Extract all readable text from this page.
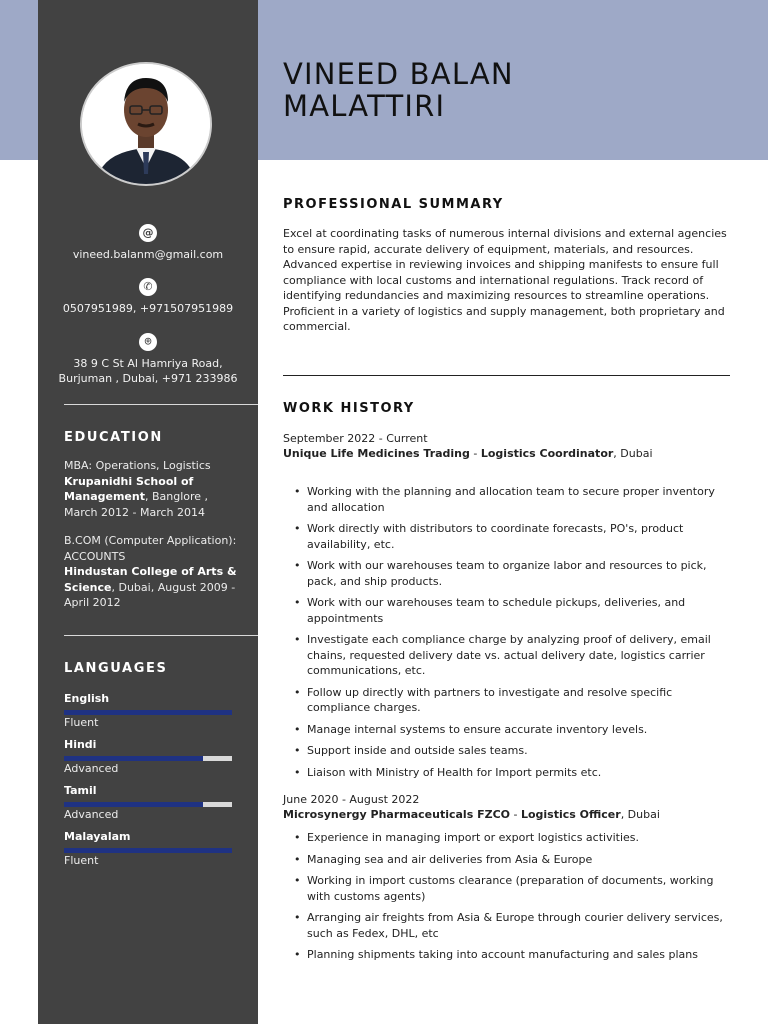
@
vineed.balanm@gmail.com
✆
0507951989, +971507951989
⌾
38 9 C St Al Hamriya Road,
Burjuman , Dubai, +971 233986
EDUCATION
MBA: Operations, Logistics
Krupanidhi School of Management, Banglore , March 2012 - March 2014
B.COM (Computer Application): ACCOUNTS
Hindustan College of Arts & Science, Dubai, August 2009 - April 2012
LANGUAGES
English
Fluent
Hindi
Advanced
Tamil
Advanced
Malayalam
Fluent
VINEED BALAN
MALATTIRI
PROFESSIONAL SUMMARY
Excel at coordinating tasks of numerous internal divisions and external agencies to ensure rapid, accurate delivery of equipment, materials, and resources. Advanced expertise in reviewing invoices and shipping manifests to ensure full compliance with local customs and international regulations. Track record of identifying redundancies and maximizing resources to streamline operations. Proficient in a variety of logistics and supply management, both proprietary and commercial.
WORK HISTORY
September 2022 - Current
Unique Life Medicines Trading - Logistics Coordinator, Dubai
• Working with the planning and allocation team to secure proper inventory and allocation
• Work directly with distributors to coordinate forecasts, PO's, product availability, etc.
• Work with our warehouses team to organize labor and resources to pick, pack, and ship products.
• Work with our warehouses team to schedule pickups, deliveries, and appointments
• Investigate each compliance charge by analyzing proof of delivery, email chains, requested delivery date vs. actual delivery date, logistics carrier communications, etc.
• Follow up directly with partners to investigate and resolve specific compliance charges.
• Manage internal systems to ensure accurate inventory levels.
• Support inside and outside sales teams.
• Liaison with Ministry of Health for Import permits etc.
June 2020 - August 2022
Microsynergy Pharmaceuticals FZCO - Logistics Officer, Dubai
• Experience in managing import or export logistics activities.
• Managing sea and air deliveries from Asia & Europe
• Working in import customs clearance (preparation of documents, working with customs agents)
• Arranging air freights from Asia & Europe through courier delivery services, such as Fedex, DHL, etc
• Planning shipments taking into account manufacturing and sales plans
